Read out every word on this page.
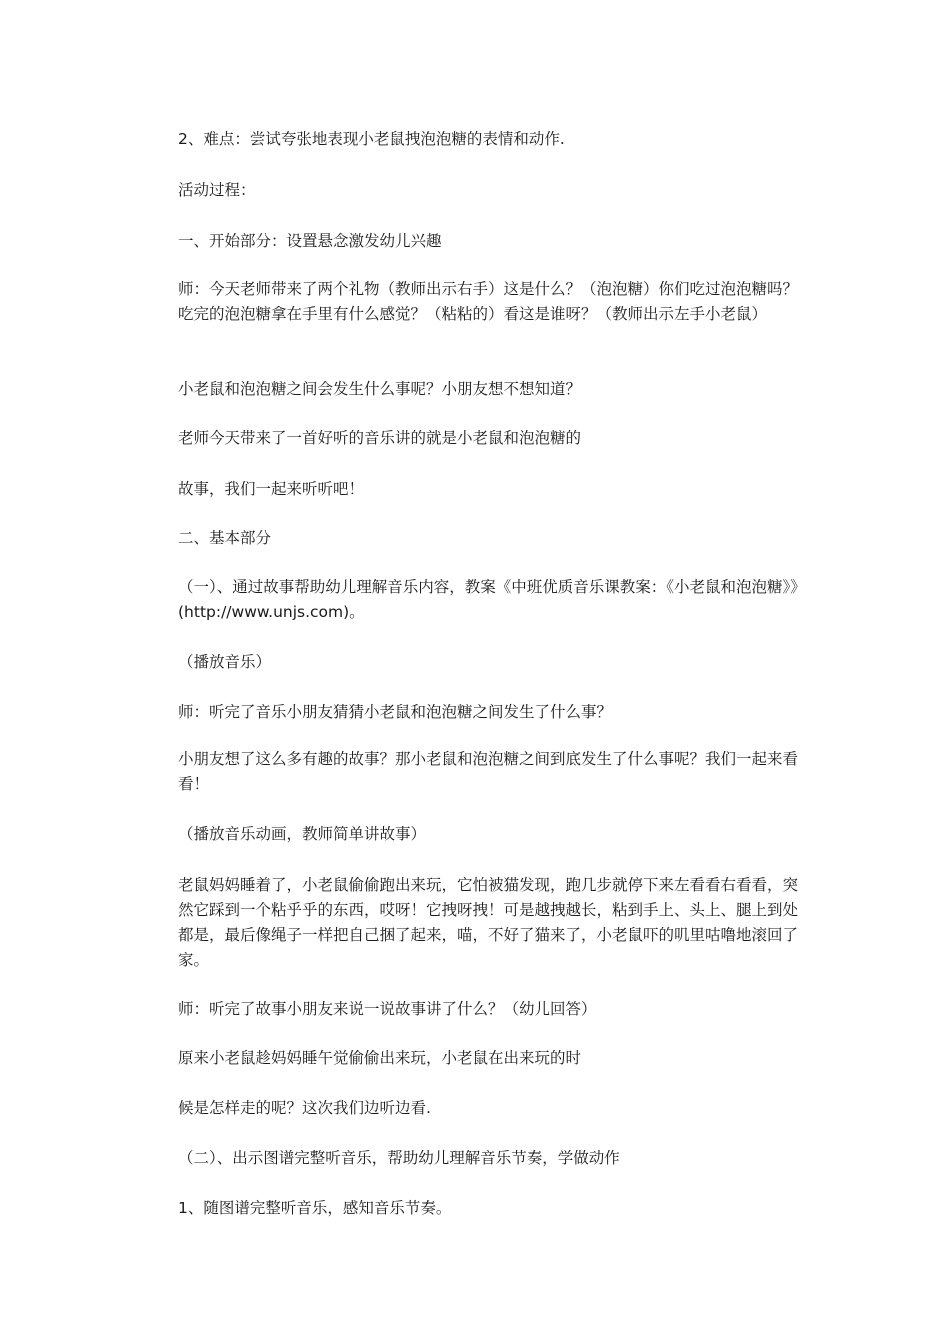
2、难点：尝试夸张地表现小老鼠拽泡泡糖的表情和动作.

活动过程：

一、开始部分：设置悬念激发幼儿兴趣

师：今天老师带来了两个礼物（教师出示右手）这是什么？（泡泡糖）你们吃过泡泡糖吗？吃完的泡泡糖拿在手里有什么感觉？（粘粘的）看这是谁呀？（教师出示左手小老鼠）

小老鼠和泡泡糖之间会发生什么事呢？小朋友想不想知道？

老师今天带来了一首好听的音乐讲的就是小老鼠和泡泡糖的

故事，我们一起来听听吧！

二、基本部分

（一）、通过故事帮助幼儿理解音乐内容，教案《中班优质音乐课教案：《小老鼠和泡泡糖》》(http://www.unjs.com)。

（播放音乐）

师：听完了音乐小朋友猜猜小老鼠和泡泡糖之间发生了什么事？

小朋友想了这么多有趣的故事？那小老鼠和泡泡糖之间到底发生了什么事呢？我们一起来看看！

（播放音乐动画，教师简单讲故事）

老鼠妈妈睡着了，小老鼠偷偷跑出来玩，它怕被猫发现，跑几步就停下来左看看右看看，突然它踩到一个粘乎乎的东西，哎呀！它拽呀拽！可是越拽越长，粘到手上、头上、腿上到处都是，最后像绳子一样把自己捆了起来，喵，不好了猫来了，小老鼠吓的叽里咕噜地滚回了家。

师：听完了故事小朋友来说一说故事讲了什么？（幼儿回答）

原来小老鼠趁妈妈睡午觉偷偷出来玩，小老鼠在出来玩的时

候是怎样走的呢？这次我们边听边看.

（二）、出示图谱完整听音乐，帮助幼儿理解音乐节奏，学做动作

1、随图谱完整听音乐，感知音乐节奏。
